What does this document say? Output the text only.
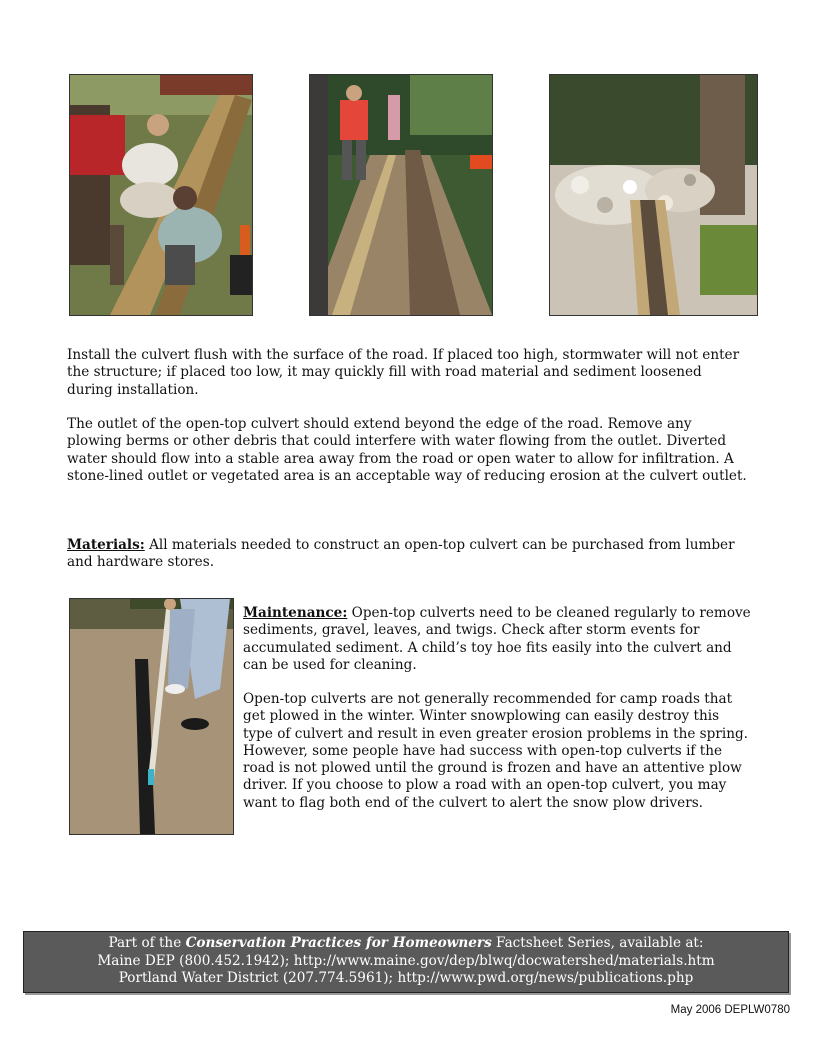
Install the culvert flush with the surface of the road. If placed too high, stormwater will not enter the structure; if placed too low, it may quickly fill with road material and sediment loosened during installation.

The outlet of the open-top culvert should extend beyond the edge of the road. Remove any plowing berms or other debris that could interfere with water flowing from the outlet. Diverted water should flow into a stable area away from the road or open water to allow for infiltration. A stone-lined outlet or vegetated area is an acceptable way of reducing erosion at the culvert outlet.

Materials: All materials needed to construct an open-top culvert can be purchased from lumber and hardware stores.

Maintenance: Open-top culverts need to be cleaned regularly to remove sediments, gravel, leaves, and twigs. Check after storm events for accumulated sediment. A child’s toy hoe fits easily into the culvert and can be used for cleaning.

Open-top culverts are not generally recommended for camp roads that get plowed in the winter. Winter snowplowing can easily destroy this type of culvert and result in even greater erosion problems in the spring. However, some people have had success with open-top culverts if the road is not plowed until the ground is frozen and have an attentive plow driver. If you choose to plow a road with an open-top culvert, you may want to flag both end of the culvert to alert the snow plow drivers.

Part of the Conservation Practices for Homeowners Factsheet Series, available at:
Maine DEP (800.452.1942); http://www.maine.gov/dep/blwq/docwatershed/materials.htm
Portland Water District (207.774.5961); http://www.pwd.org/news/publications.php
May 2006 DEPLW0780
